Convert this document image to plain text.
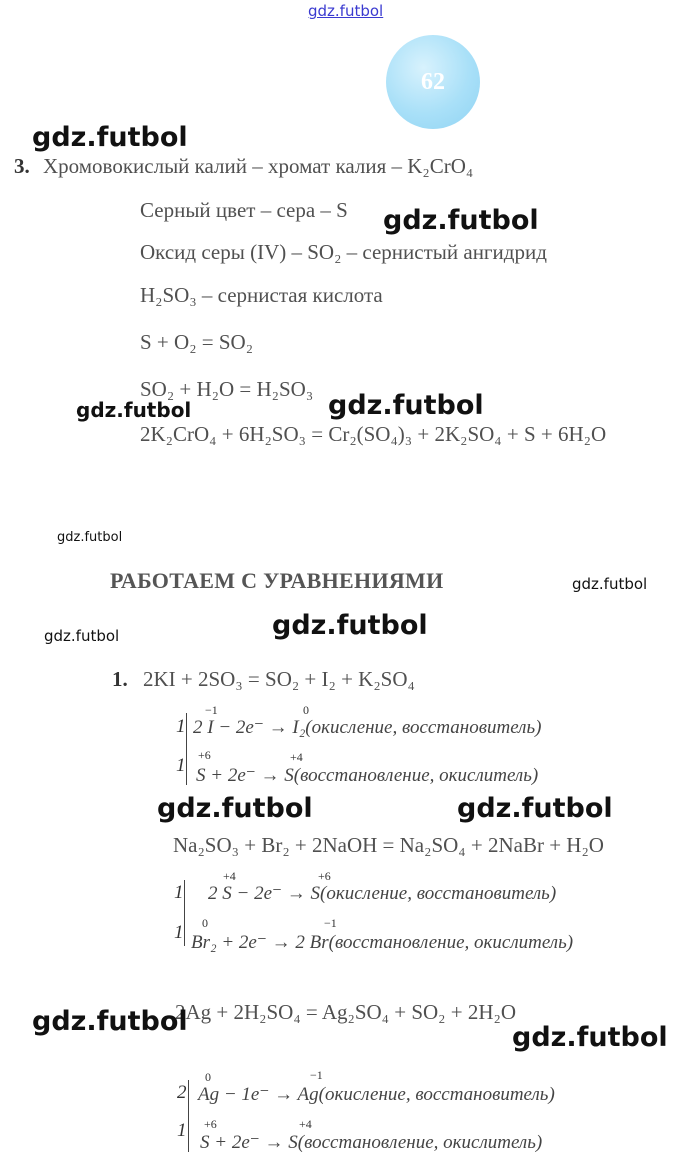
gdz.futbol
62
gdz.futbol
3. Хромовокислый калий – хромат калия – K₂CrO₄
Серный цвет – сера – S gdz.futbol
Оксид серы (IV) – SO₂ – сернистый ангидрид
H₂SO₃ – сернистая кислота
S + O₂ = SO₂
SO₂ + H₂O = H₂SO₃
gdz.futbol	gdz.futbol
2K₂CrO₄ + 6H₂SO₃ = Cr₂(SO₄)₃ + 2K₂SO₄ + S + 6H₂O
gdz.futbol
РАБОТАЕМ С УРАВНЕНИЯМИ	gdz.futbol
gdz.futbol	gdz.futbol
1. 2KI + 2SO₃ = SO₂ + I₂ + K₂SO₄
1
−1	0
2 I − 2e⁻ → I₂(окисление, восстановитель)
1 +6	+4
S + 2e⁻ → S(восстановление, окислитель)
gdz.futbol	gdz.futbol
Na₂SO₃ + Br₂ + 2NaOH = Na₂SO₄ + 2NaBr + H₂O
1
+4	+6
2 S − 2e⁻ → S(окисление, восстановитель)
1 0	−1
Br₂ + 2e⁻ → 2 Br(восстановление, окислитель)
2Ag + 2H₂SO₄ = Ag₂SO₄ + SO₂ + 2H₂O
gdz.futbol
gdz.futbol
2
0	−1
Ag − 1e⁻ → Ag(окисление, восстановитель)
1 +6	+4
S + 2e⁻ → S(восстановление, окислитель)
